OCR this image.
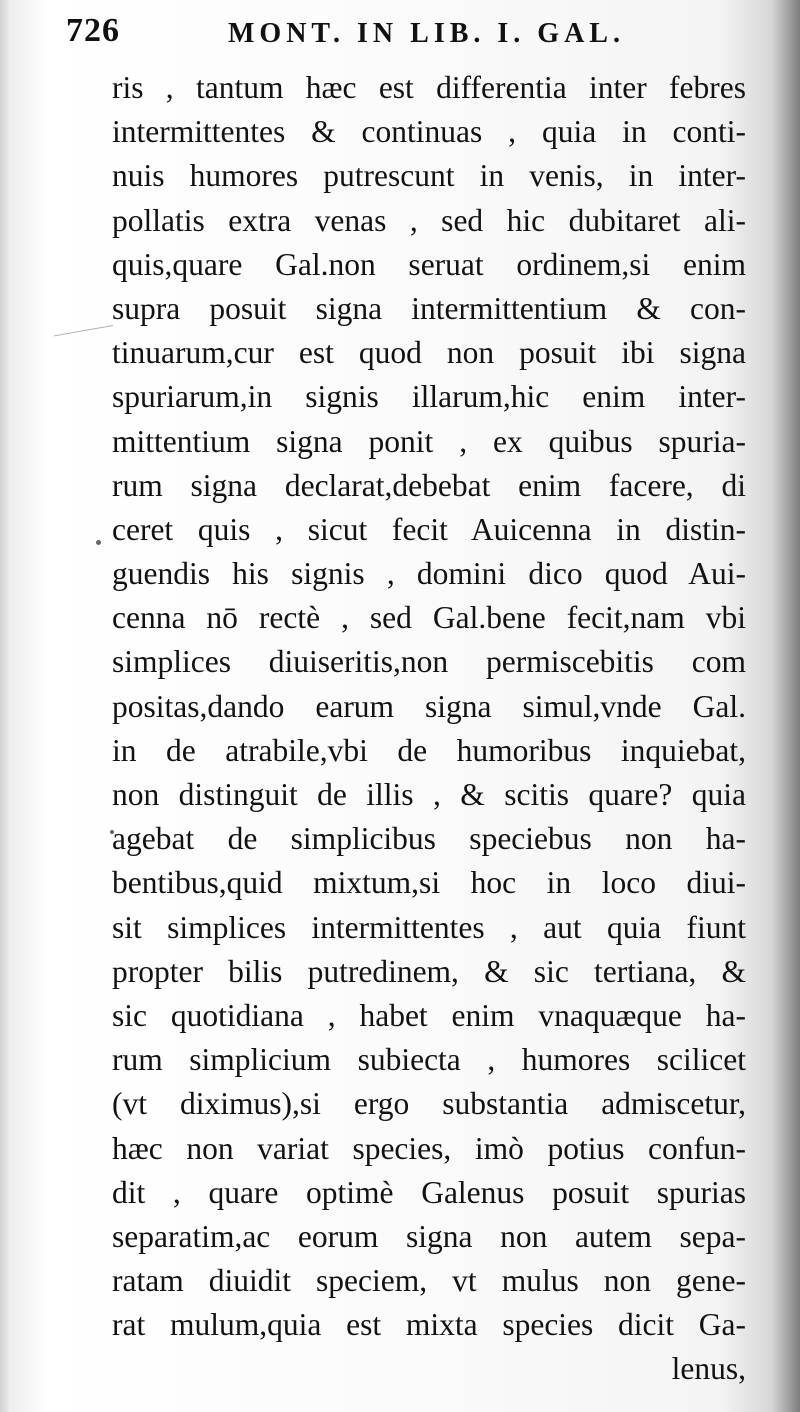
726	MONT. IN LIB. I. GAL.
ris , tantum hæc est differentia inter febres
intermittentes & continuas , quia in conti-
nuis humores putrescunt in venis, in inter-
pollatis extra venas , sed hic dubitaret ali-
quis,quare Gal.non seruat ordinem,si enim
supra posuit signa intermittentium & con-
tinuarum,cur est quod non posuit ibi signa
spuriarum,in signis illarum,hic enim inter-
mittentium signa ponit , ex quibus spuria-
rum signa declarat,debebat enim facere, di
ceret quis , sicut fecit Auicenna in distin-
guendis his signis , domini dico quod Aui-
cenna nō rectè , sed Gal.bene fecit,nam vbi
simplices diuiseritis,non permiscebitis com
positas,dando earum signa simul,vnde Gal.
in de atrabile,vbi de humoribus inquiebat,
non distinguit de illis , & scitis quare? quia
agebat de simplicibus speciebus non ha-
bentibus,quid mixtum,si hoc in loco diui-
sit simplices intermittentes , aut quia fiunt
propter bilis putredinem, & sic tertiana, &
sic quotidiana , habet enim vnaquæque ha-
rum simplicium subiecta , humores scilicet
(vt diximus),si ergo substantia admiscetur,
hæc non variat species, imò potius confun-
dit , quare optimè Galenus posuit spurias
separatim,ac eorum signa non autem sepa-
ratam diuidit speciem, vt mulus non gene-
rat mulum,quia est mixta species dicit Ga-
lenus,
